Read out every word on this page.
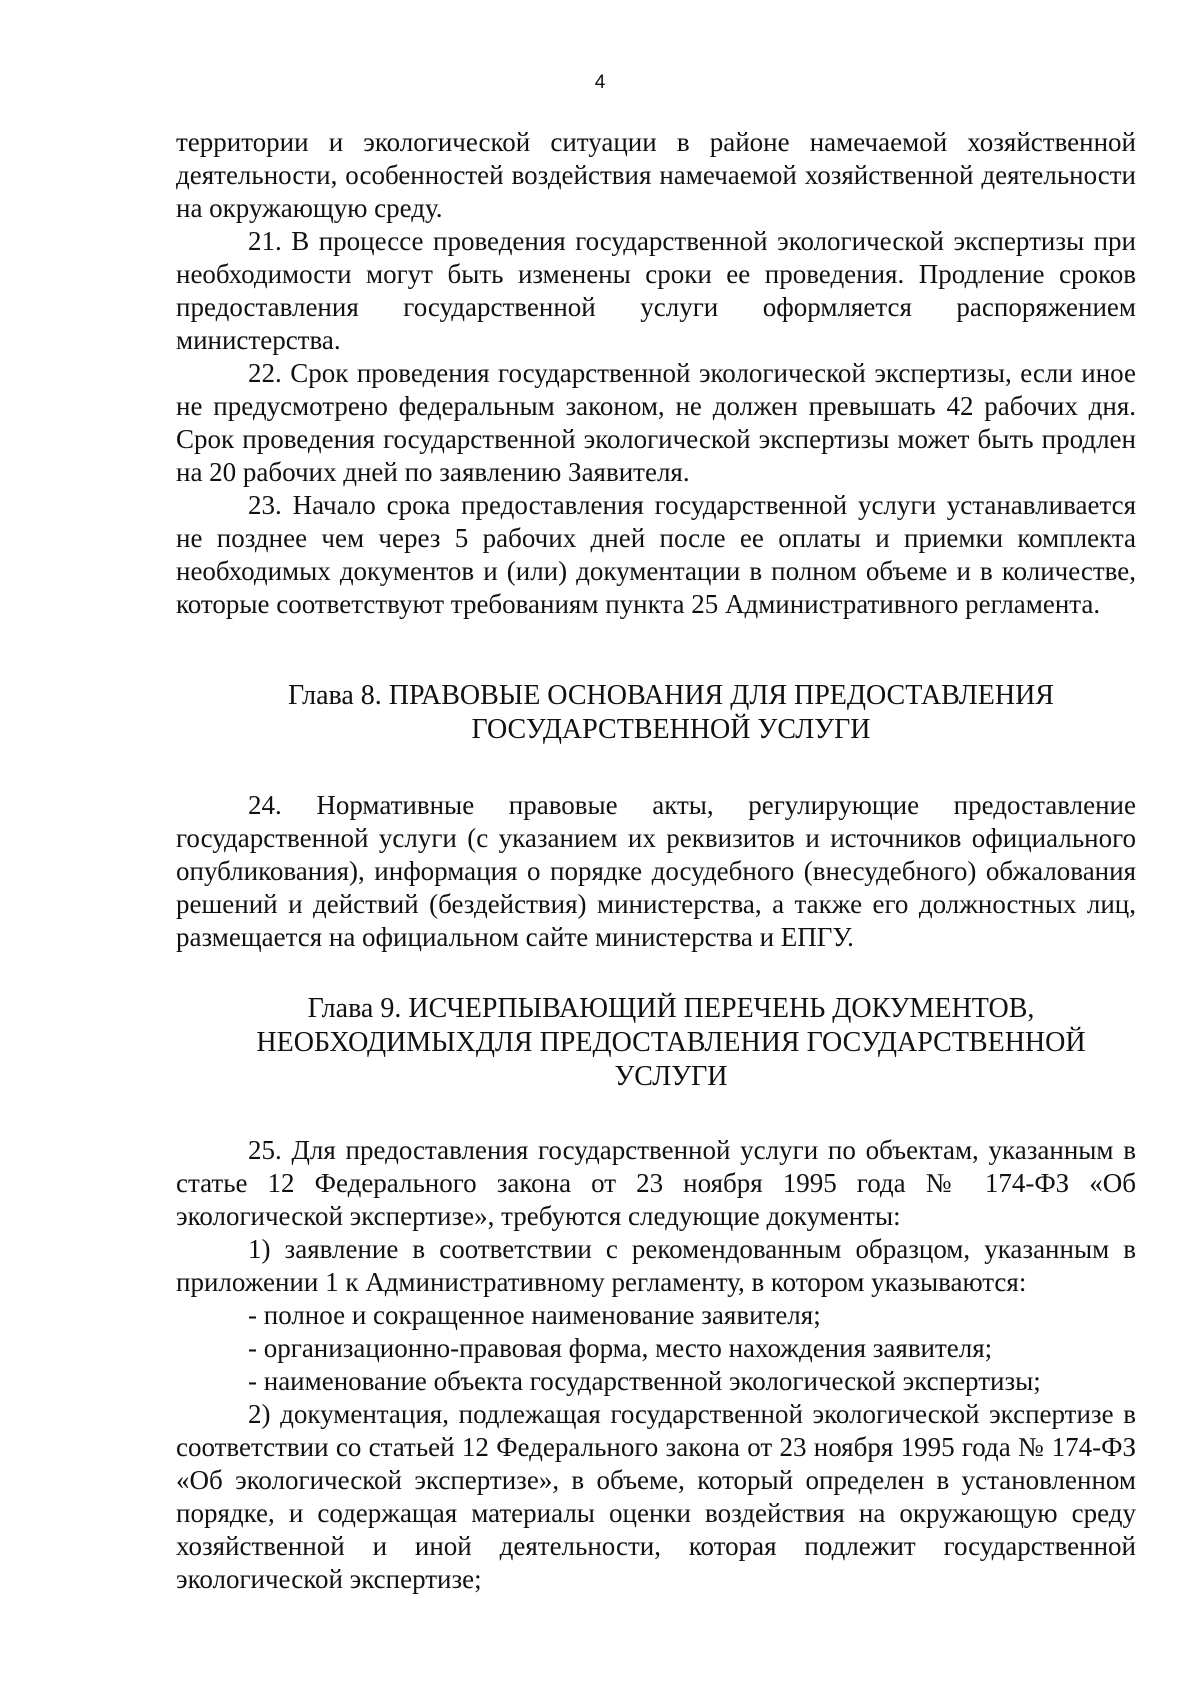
4

территории и экологической ситуации в районе намечаемой хозяйственной деятельности, особенностей воздействия намечаемой хозяйственной деятельности на окружающую среду.

21. В процессе проведения государственной экологической экспертизы при необходимости могут быть изменены сроки ее проведения. Продление сроков предоставления государственной услуги оформляется распоряжением министерства.

22. Срок проведения государственной экологической экспертизы, если иное не предусмотрено федеральным законом, не должен превышать 42 рабочих дня. Срок проведения государственной экологической экспертизы может быть продлен на 20 рабочих дней по заявлению Заявителя.

23. Начало срока предоставления государственной услуги устанавливается не позднее чем через 5 рабочих дней после ее оплаты и приемки комплекта необходимых документов и (или) документации в полном объеме и в количестве, которые соответствуют требованиям пункта 25 Административного регламента.

Глава 8. ПРАВОВЫЕ ОСНОВАНИЯ ДЛЯ ПРЕДОСТАВЛЕНИЯ ГОСУДАРСТВЕННОЙ УСЛУГИ

24. Нормативные правовые акты, регулирующие предоставление государственной услуги (с указанием их реквизитов и источников официального опубликования), информация о порядке досудебного (внесудебного) обжалования решений и действий (бездействия) министерства, а также его должностных лиц, размещается на официальном сайте министерства и ЕПГУ.

Глава 9. ИСЧЕРПЫВАЮЩИЙ ПЕРЕЧЕНЬ ДОКУМЕНТОВ, НЕОБХОДИМЫХДЛЯ ПРЕДОСТАВЛЕНИЯ ГОСУДАРСТВЕННОЙ УСЛУГИ

25. Для предоставления государственной услуги по объектам, указанным в статье 12 Федерального закона от 23 ноября 1995 года № 174-ФЗ «Об экологической экспертизе», требуются следующие документы:

1) заявление в соответствии с рекомендованным образцом, указанным в приложении 1 к Административному регламенту, в котором указываются:

- полное и сокращенное наименование заявителя;

- организационно-правовая форма, место нахождения заявителя;

- наименование объекта государственной экологической экспертизы;

2) документация, подлежащая государственной экологической экспертизе в соответствии со статьей 12 Федерального закона от 23 ноября 1995 года № 174-ФЗ «Об экологической экспертизе», в объеме, который определен в установленном порядке, и содержащая материалы оценки воздействия на окружающую среду хозяйственной и иной деятельности, которая подлежит государственной экологической экспертизе;
